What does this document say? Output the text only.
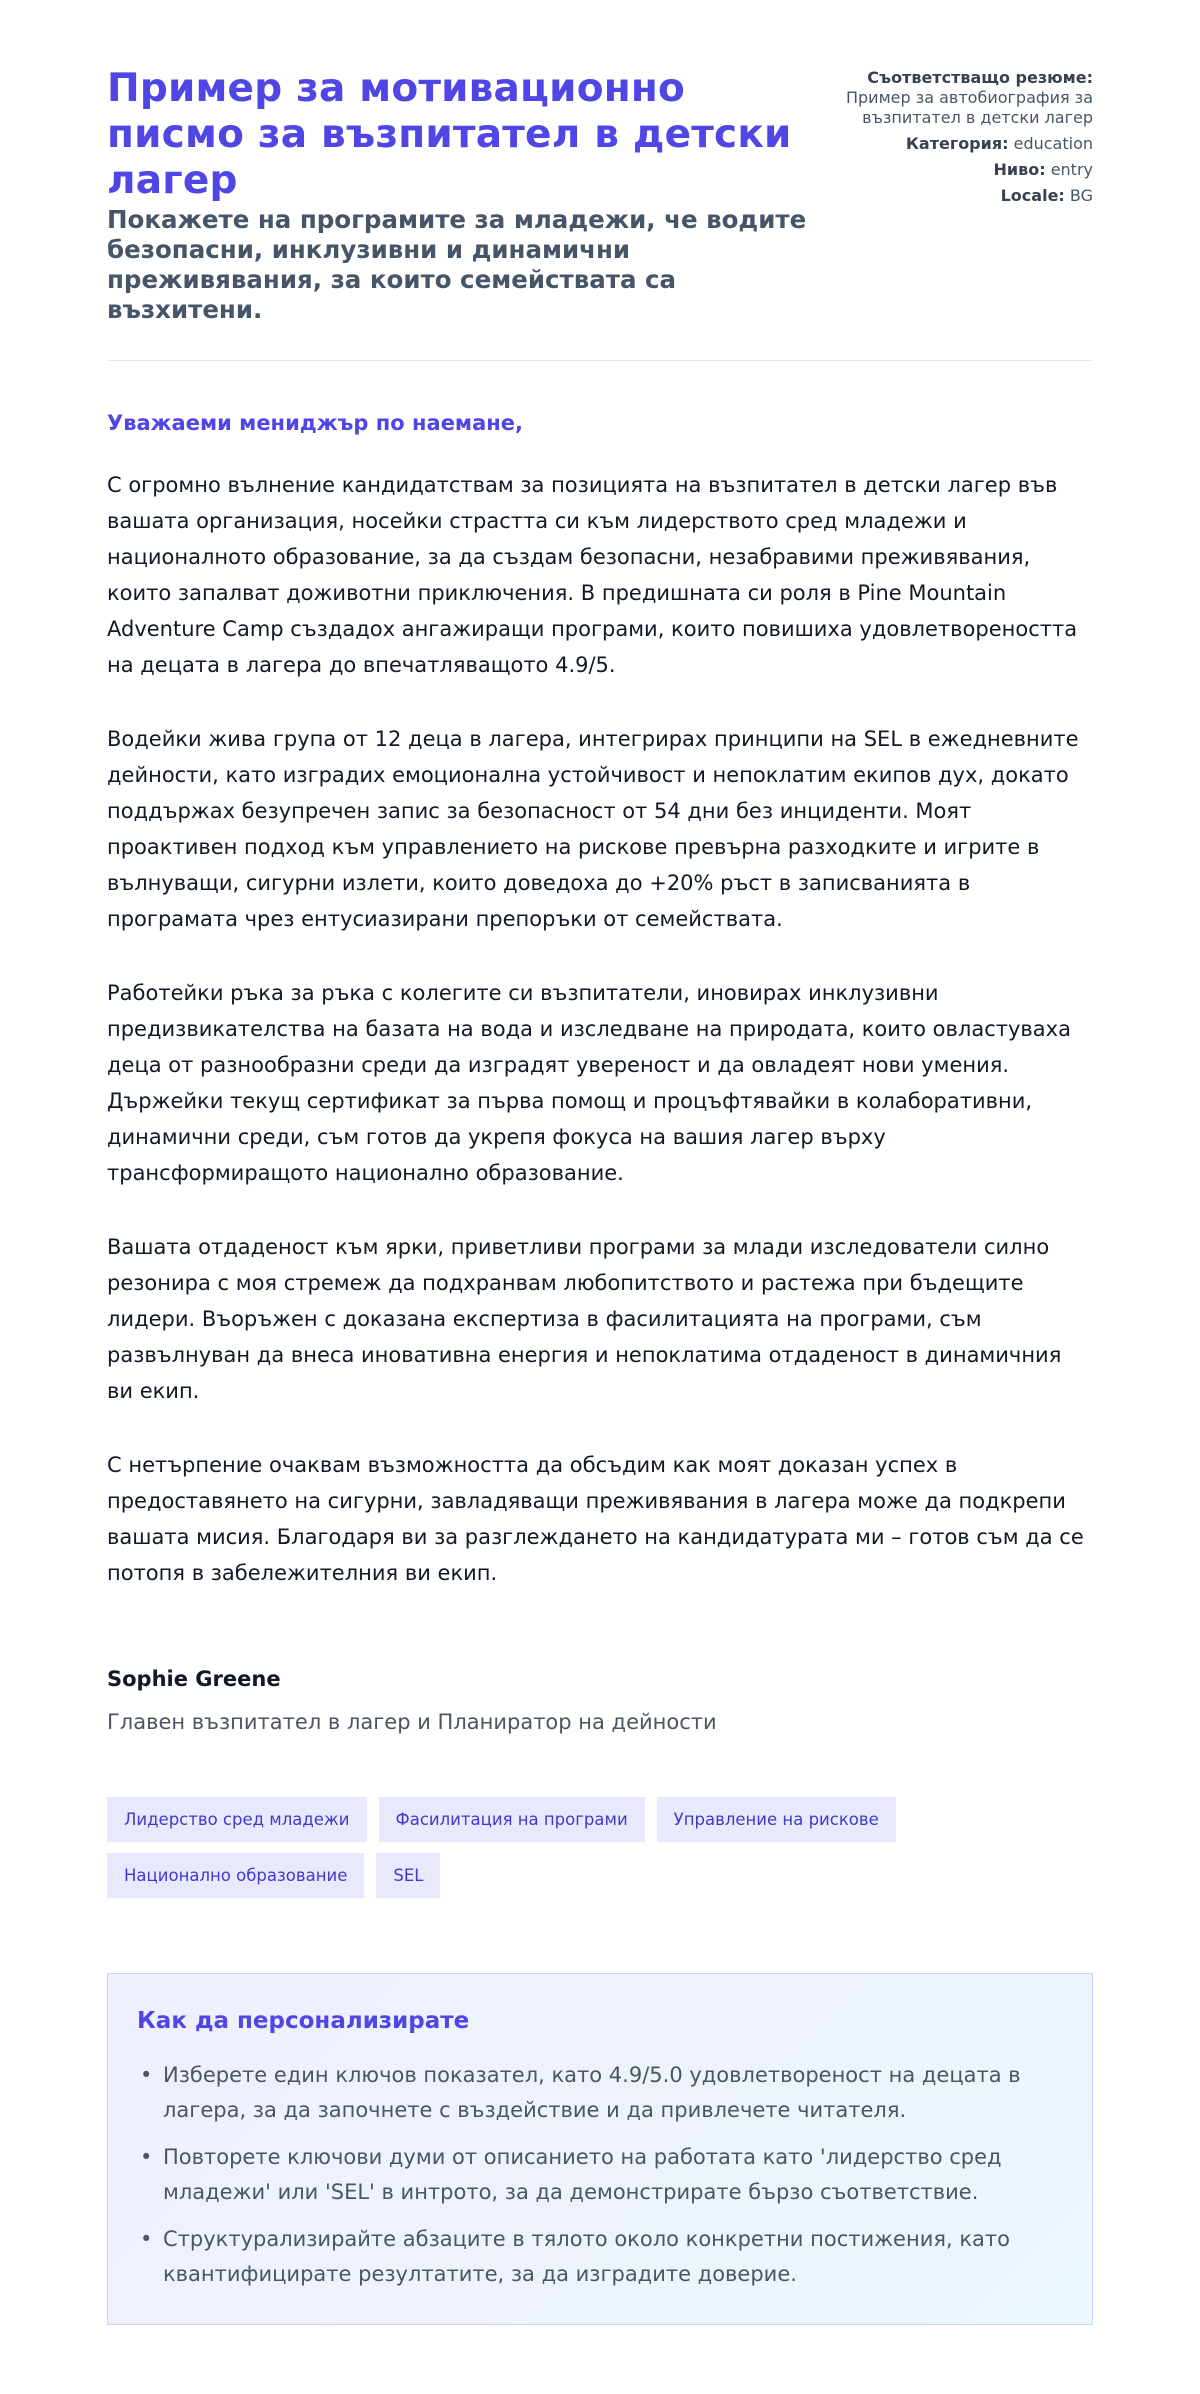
Пример за мотивационно писмо за възпитател в детски лагер
Покажете на програмите за младежи, че водите безопасни, инклузивни и динамични преживявания, за които семействата са възхитени.
Съответстващо резюме:
Пример за автобиография за възпитател в детски лагер
Категория: education
Ниво: entry
Locale: BG
Уважаеми мениджър по наемане,

С огромно вълнение кандидатствам за позицията на възпитател в детски лагер във вашата организация, носейки страстта си към лидерството сред младежи и националното образование, за да създам безопасни, незабравими преживявания, които запалват доживотни приключения. В предишната си роля в Pine Mountain Adventure Camp създадох ангажиращи програми, които повишиха удовлетвореността на децата в лагера до впечатляващото 4.9/5.

Водейки жива група от 12 деца в лагера, интегрирах принципи на SEL в ежедневните дейности, като изградих емоционална устойчивост и непоклатим екипов дух, докато поддържах безупречен запис за безопасност от 54 дни без инциденти. Моят проактивен подход към управлението на рискове превърна разходките и игрите в вълнуващи, сигурни излети, които доведоха до +20% ръст в записванията в програмата чрез ентусиазирани препоръки от семействата.

Работейки ръка за ръка с колегите си възпитатели, иновирах инклузивни предизвикателства на базата на вода и изследване на природата, които овластуваха деца от разнообразни среди да изградят увереност и да овладеят нови умения. Държейки текущ сертификат за първа помощ и процъфтявайки в колаборативни, динамични среди, съм готов да укрепя фокуса на вашия лагер върху трансформиращото национално образование.

Вашата отдаденост към ярки, приветливи програми за млади изследователи силно резонира с моя стремеж да подхранвам любопитството и растежа при бъдещите лидери. Въоръжен с доказана експертиза в фасилитацията на програми, съм развълнуван да внеса иновативна енергия и непоклатима отдаденост в динамичния ви екип.

С нетърпение очаквам възможността да обсъдим как моят доказан успех в предоставянето на сигурни, завладяващи преживявания в лагера може да подкрепи вашата мисия. Благодаря ви за разглеждането на кандидатурата ми – готов съм да се потопя в забележителния ви екип.

Sophie Greene
Главен възпитател в лагер и Планиратор на дейности
Лидерство сред младежи	Фасилитация на програми	Управление на рискове
Национално образование	SEL
Как да персонализирате
• Изберете един ключов показател, като 4.9/5.0 удовлетвореност на децата в лагера, за да започнете с въздействие и да привлечете читателя.
• Повторете ключови думи от описанието на работата като 'лидерство сред младежи' или 'SEL' в интрото, за да демонстрирате бързо съответствие.
• Структурализирайте абзаците в тялото около конкретни постижения, като квантифицирате резултатите, за да изградите доверие.
